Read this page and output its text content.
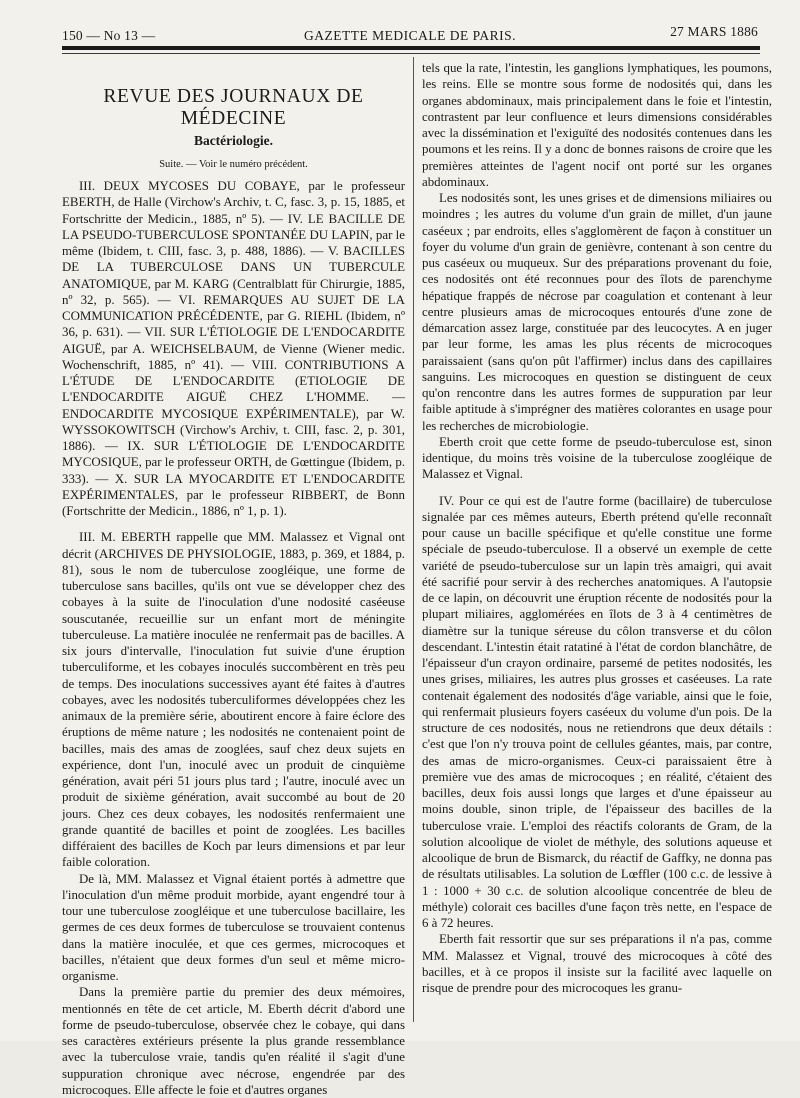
150 — No 13 —	GAZETTE MEDICALE DE PARIS.	27 MARS 1886
REVUE DES JOURNAUX DE MÉDECINE
Bactériologie.
Suite. — Voir le numéro précédent.

III. DEUX MYCOSES DU COBAYE, par le professeur EBERTH, de Halle (Virchow's Archiv, t. C, fasc. 3, p. 15, 1885, et Fortschritte der Medicin., 1885, nº 5). — IV. LE BACILLE DE LA PSEUDO-TUBERCULOSE SPONTANÉE DU LAPIN, par le même (Ibidem, t. CIII, fasc. 3, p. 488, 1886). — V. BACILLES DE LA TUBERCULOSE DANS UN TUBERCULE ANATOMIQUE, par M. KARG (Centralblatt für Chirurgie, 1885, nº 32, p. 565). — VI. REMARQUES AU SUJET DE LA COMMUNICATION PRÉCÉDENTE, par G. RIEHL (Ibidem, nº 36, p. 631). — VII. SUR L'ÉTIOLOGIE DE L'ENDOCARDITE AIGUË, par A. WEICHSELBAUM, de Vienne (Wiener medic. Wochenschrift, 1885, nº 41). — VIII. CONTRIBUTIONS A L'ÉTUDE DE L'ENDOCARDITE (ETIOLOGIE DE L'ENDOCARDITE AIGUË CHEZ L'HOMME. — ENDOCARDITE MYCOSIQUE EXPÉRIMENTALE), par W. WYSSOKOWITSCH (Virchow's Archiv, t. CIII, fasc. 2, p. 301, 1886). — IX. SUR L'ÉTIOLOGIE DE L'ENDOCARDITE MYCOSIQUE, par le professeur ORTH, de Gœttingue (Ibidem, p. 333). — X. SUR LA MYOCARDITE ET L'ENDOCARDITE EXPÉRIMENTALES, par le professeur RIBBERT, de Bonn (Fortschritte der Medicin., 1886, nº 1, p. 1).

III. M. EBERTH rappelle que MM. Malassez et Vignal ont décrit (ARCHIVES DE PHYSIOLOGIE, 1883, p. 369, et 1884, p. 81), sous le nom de tuberculose zoogléique, une forme de tuberculose sans bacilles, qu'ils ont vue se développer chez des cobayes à la suite de l'inoculation d'une nodosité caséeuse souscutanée, recueillie sur un enfant mort de méningite tuberculeuse. La matière inoculée ne renfermait pas de bacilles. A six jours d'intervalle, l'inoculation fut suivie d'une éruption tuberculiforme, et les cobayes inoculés succombèrent en très peu de temps. Des inoculations successives ayant été faites à d'autres cobayes, avec les nodosités tuberculiformes développées chez les animaux de la première série, aboutirent encore à faire éclore des éruptions de même nature ; les nodosités ne contenaient point de bacilles, mais des amas de zooglées, sauf chez deux sujets en expérience, dont l'un, inoculé avec un produit de cinquième génération, avait péri 51 jours plus tard ; l'autre, inoculé avec un produit de sixième génération, avait succombé au bout de 20 jours. Chez ces deux cobayes, les nodosités renfermaient une grande quantité de bacilles et point de zooglées. Les bacilles différaient des bacilles de Koch par leurs dimensions et par leur faible coloration.

De là, MM. Malassez et Vignal étaient portés à admettre que l'inoculation d'un même produit morbide, ayant engendré tour à tour une tuberculose zoogléique et une tuberculose bacillaire, les germes de ces deux formes de tuberculose se trouvaient contenus dans la matière inoculée, et que ces germes, microcoques et bacilles, n'étaient que deux formes d'un seul et même micro-organisme.

Dans la première partie du premier des deux mémoires, mentionnés en tête de cet article, M. Eberth décrit d'abord une forme de pseudo-tuberculose, observée chez le cobaye, qui dans ses caractères extérieurs présente la plus grande ressemblance avec la tuberculose vraie, tandis qu'en réalité il s'agit d'une suppuration chronique avec nécrose, engendrée par des microcoques. Elle affecte le foie et d'autres organes

tels que la rate, l'intestin, les ganglions lymphatiques, les poumons, les reins. Elle se montre sous forme de nodosités qui, dans les organes abdominaux, mais principalement dans le foie et l'intestin, contrastent par leur confluence et leurs dimensions considérables avec la dissémination et l'exiguïté des nodosités contenues dans les poumons et les reins. Il y a donc de bonnes raisons de croire que les premières atteintes de l'agent nocif ont porté sur les organes abdominaux.

Les nodosités sont, les unes grises et de dimensions miliaires ou moindres ; les autres du volume d'un grain de millet, d'un jaune caséeux ; par endroits, elles s'agglomèrent de façon à constituer un foyer du volume d'un grain de genièvre, contenant à son centre du pus caséeux ou muqueux. Sur des préparations provenant du foie, ces nodosités ont été reconnues pour des îlots de parenchyme hépatique frappés de nécrose par coagulation et contenant à leur centre plusieurs amas de microcoques entourés d'une zone de démarcation assez large, constituée par des leucocytes. A en juger par leur forme, les amas les plus récents de microcoques paraissaient (sans qu'on pût l'affirmer) inclus dans des capillaires sanguins. Les microcoques en question se distinguent de ceux qu'on rencontre dans les autres formes de suppuration par leur faible aptitude à s'imprégner des matières colorantes en usage pour les recherches de microbiologie.

Eberth croit que cette forme de pseudo-tuberculose est, sinon identique, du moins très voisine de la tuberculose zoogléique de Malassez et Vignal.

IV. Pour ce qui est de l'autre forme (bacillaire) de tuberculose signalée par ces mêmes auteurs, Eberth prétend qu'elle reconnaît pour cause un bacille spécifique et qu'elle constitue une forme spéciale de pseudo-tuberculose. Il a observé un exemple de cette variété de pseudo-tuberculose sur un lapin très amaigri, qui avait été sacrifié pour servir à des recherches anatomiques. A l'autopsie de ce lapin, on découvrit une éruption récente de nodosités pour la plupart miliaires, agglomérées en îlots de 3 à 4 centimètres de diamètre sur la tunique séreuse du côlon transverse et du côlon descendant. L'intestin était ratatiné à l'état de cordon blanchâtre, de l'épaisseur d'un crayon ordinaire, parsemé de petites nodosités, les unes grises, miliaires, les autres plus grosses et caséeuses. La rate contenait également des nodosités d'âge variable, ainsi que le foie, qui renfermait plusieurs foyers caséeux du volume d'un pois. De la structure de ces nodosités, nous ne retiendrons que deux détails : c'est que l'on n'y trouva point de cellules géantes, mais, par contre, des amas de micro-organismes. Ceux-ci paraissaient être à première vue des amas de microcoques ; en réalité, c'étaient des bacilles, deux fois aussi longs que larges et d'une épaisseur au moins double, sinon triple, de l'épaisseur des bacilles de la tuberculose vraie. L'emploi des réactifs colorants de Gram, de la solution alcoolique de violet de méthyle, des solutions aqueuse et alcoolique de brun de Bismarck, du réactif de Gaffky, ne donna pas de résultats utilisables. La solution de Lœffler (100 c.c. de lessive à 1 : 1000 + 30 c.c. de solution alcoolique concentrée de bleu de méthyle) colorait ces bacilles d'une façon très nette, en l'espace de 6 à 72 heures.

Eberth fait ressortir que sur ses préparations il n'a pas, comme MM. Malassez et Vignal, trouvé des microcoques à côté des bacilles, et à ce propos il insiste sur la facilité avec laquelle on risque de prendre pour des microcoques les granu-
